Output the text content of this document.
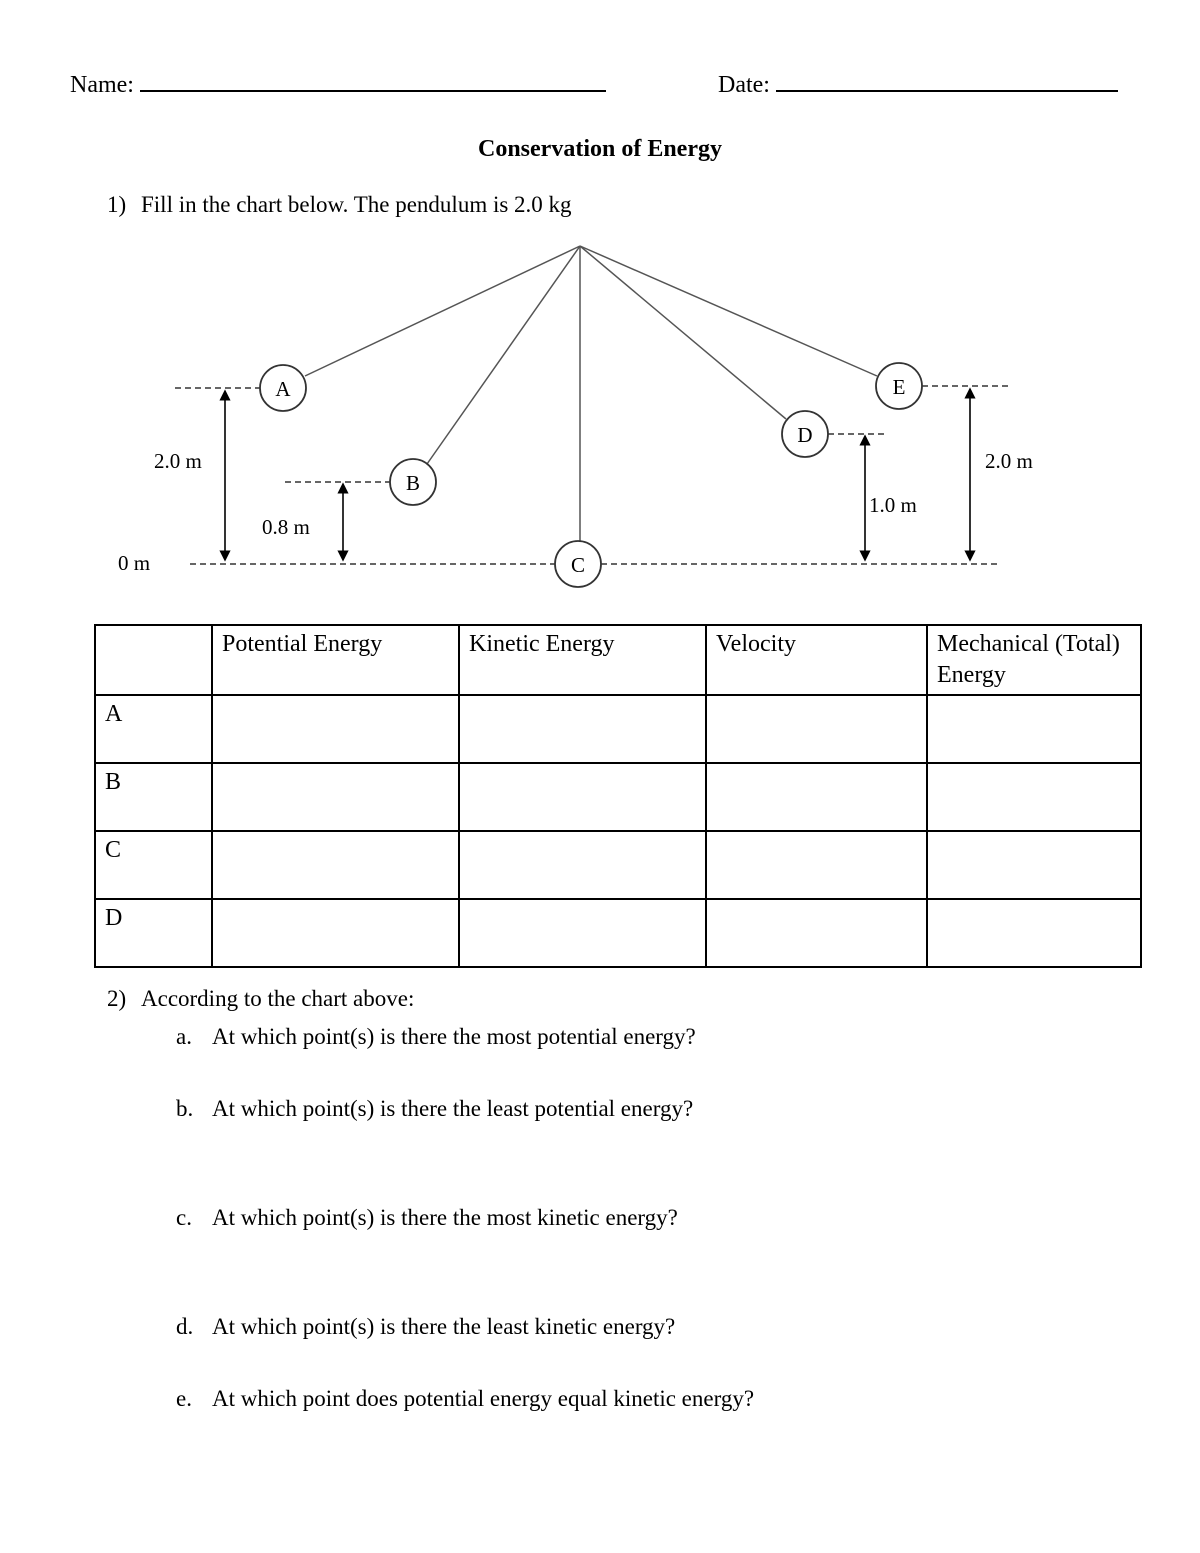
Name:	Date:
Conservation of Energy
1) Fill in the chart below. The pendulum is 2.0 kg
A
B
C
D
E
2.0 m
0.8 m
0 m
1.0 m
2.0 m
	Potential Energy	Kinetic Energy	Velocity	Mechanical (Total) Energy
A				
B				
C				
D				
2) According to the chart above:
a. At which point(s) is there the most potential energy?
b. At which point(s) is there the least potential energy?
c. At which point(s) is there the most kinetic energy?
d. At which point(s) is there the least kinetic energy?
e. At which point does potential energy equal kinetic energy?
